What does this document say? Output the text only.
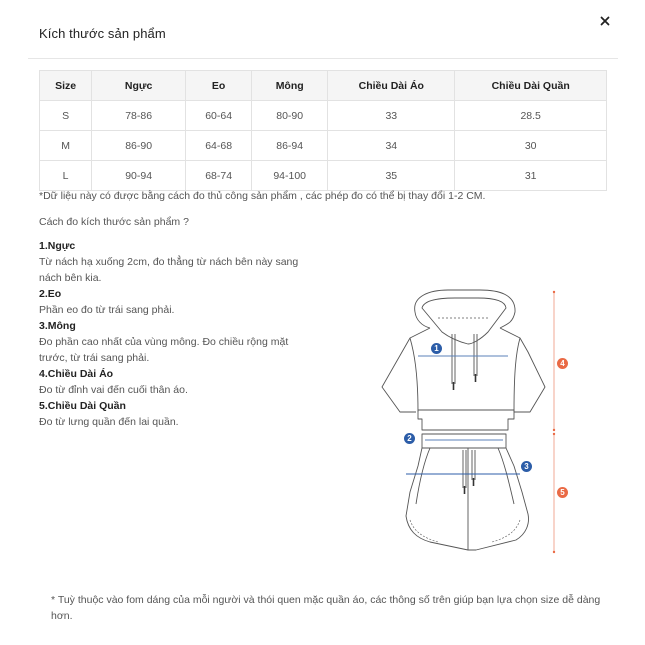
Kích thước sản phẩm
Size	Ngực	Eo	Mông	Chiều Dài Áo	Chiều Dài Quần
S	78-86	60-64	80-90	33	28.5
M	86-90	64-68	86-94	34	30
L	90-94	68-74	94-100	35	31
*Dữ liệu này có được bằng cách đo thủ công sản phẩm , các phép đo có thể bị thay đổi 1-2 CM.
Cách đo kích thước sản phẩm ?
1.Ngực
Từ nách hạ xuống 2cm, đo thẳng từ nách bên này sang nách bên kia.
2.Eo
Phần eo đo từ trái sang phải.
3.Mông
Đo phần cao nhất của vùng mông. Đo chiều rộng mặt trước, từ trái sang phải.
4.Chiều Dài Áo
Đo từ đỉnh vai đến cuối thân áo.
5.Chiều Dài Quần
Đo từ lưng quần đến lai quần.
1
2
3
4
5
* Tuỳ thuộc vào fom dáng của mỗi người và thói quen mặc quần áo, các thông số trên giúp bạn lựa chọn size dễ dàng hơn.
